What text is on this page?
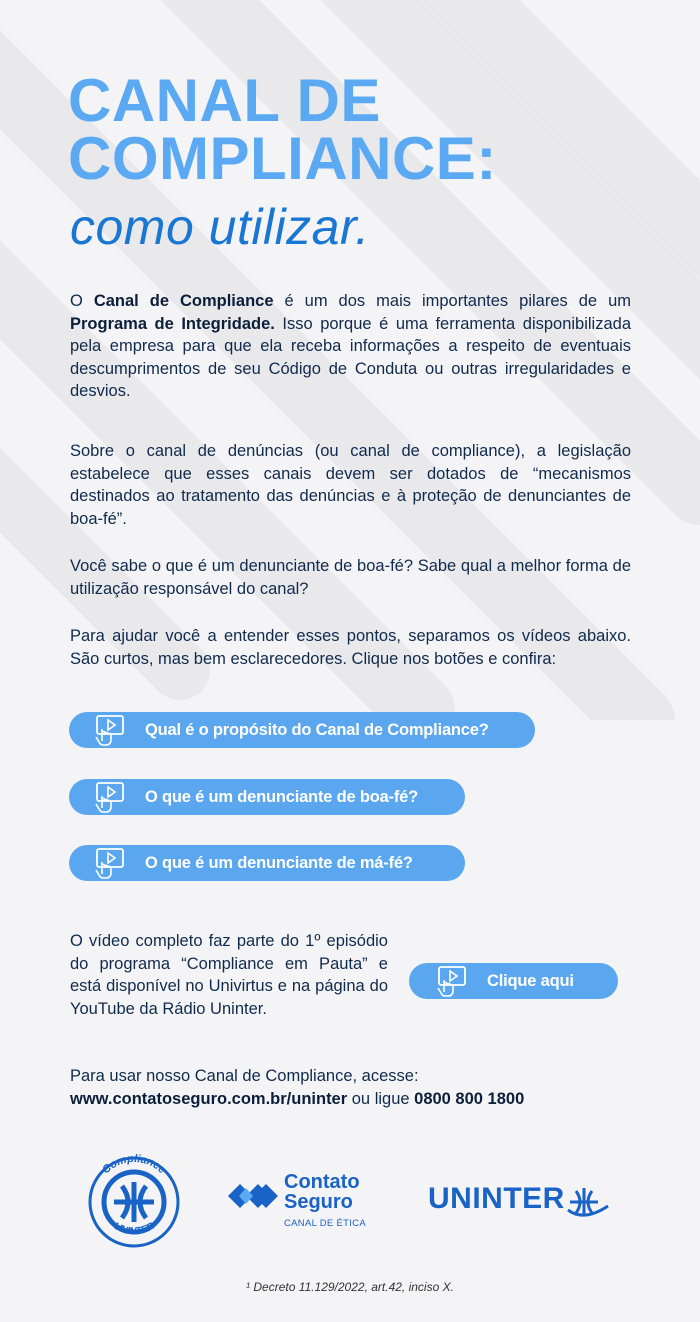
CANAL DE
COMPLIANCE:
como utilizar.

O Canal de Compliance é um dos mais importantes pilares de um Programa de Integridade. Isso porque é uma ferramenta disponibilizada pela empresa para que ela receba informações a respeito de eventuais descumprimentos de seu Código de Conduta ou outras irregularidades e desvios.

Sobre o canal de denúncias (ou canal de compliance), a legislação estabelece que esses canais devem ser dotados de “mecanismos destinados ao tratamento das denúncias e à proteção de denunciantes de boa-fé”.

Você sabe o que é um denunciante de boa-fé? Sabe qual a melhor forma de utilização responsável do canal?

Para ajudar você a entender esses pontos, separamos os vídeos abaixo. São curtos, mas bem esclarecedores. Clique nos botões e confira:

Qual é o propósito do Canal de Compliance?
O que é um denunciante de boa-fé?
O que é um denunciante de má-fé?

O vídeo completo faz parte do 1º episódio do programa “Compliance em Pauta” e está disponível no Univirtus e na página do YouTube da Rádio Uninter.

Clique aqui

Para usar nosso Canal de Compliance, acesse:

www.contatoseguro.com.br/uninter ou ligue 0800 800 1800

Compliance
UNINTER
Contato
Seguro
CANAL DE ÉTICA
UNINTER
¹ Decreto 11.129/2022, art.42, inciso X.
